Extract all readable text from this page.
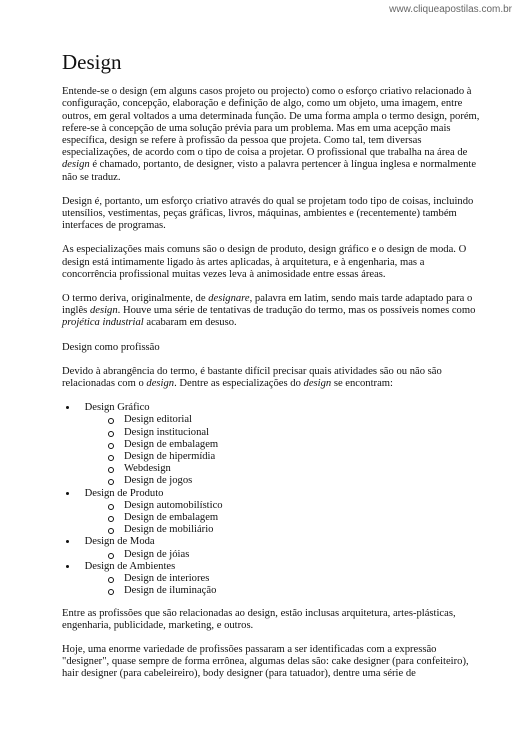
www.cliqueapostilas.com.br
Design

Entende-se o design (em alguns casos projeto ou projecto) como o esforço criativo relacionado à configuração, concepção, elaboração e definição de algo, como um objeto, uma imagem, entre outros, em geral voltados a uma determinada função. De uma forma ampla o termo design, porém, refere-se à concepção de uma solução prévia para um problema. Mas em uma acepção mais específica, design se refere à profissão da pessoa que projeta. Como tal, tem diversas especializações, de acordo com o tipo de coisa a projetar. O profissional que trabalha na área de design é chamado, portanto, de designer, visto a palavra pertencer à língua inglesa e normalmente não se traduz.

Design é, portanto, um esforço criativo através do qual se projetam todo tipo de coisas, incluindo utensílios, vestimentas, peças gráficas, livros, máquinas, ambientes e (recentemente) também interfaces de programas.

As especializações mais comuns são o design de produto, design gráfico e o design de moda. O design está intimamente ligado às artes aplicadas, à arquitetura, e à engenharia, mas a concorrência profissional muitas vezes leva à animosidade entre essas áreas.

O termo deriva, originalmente, de designare, palavra em latim, sendo mais tarde adaptado para o inglês design. Houve uma série de tentativas de tradução do termo, mas os possíveis nomes como projética industrial acabaram em desuso.

Design como profissão

Devido à abrangência do termo, é bastante difícil precisar quais atividades são ou não são relacionadas com o design. Dentre as especializações do design se encontram:

• Design Gráfico
Design editorial
Design institucional
Design de embalagem
Design de hipermídia
Webdesign
Design de jogos
• Design de Produto
Design automobilístico
Design de embalagem
Design de mobiliário
• Design de Moda
Design de jóias
• Design de Ambientes
Design de interiores
Design de iluminação

Entre as profissões que são relacionadas ao design, estão inclusas arquitetura, artes-plásticas, engenharia, publicidade, marketing, e outros.

Hoje, uma enorme variedade de profissões passaram a ser identificadas com a expressão "designer", quase sempre de forma errônea, algumas delas são: cake designer (para confeiteiro), hair designer (para cabeleireiro), body designer (para tatuador), dentre uma série de
